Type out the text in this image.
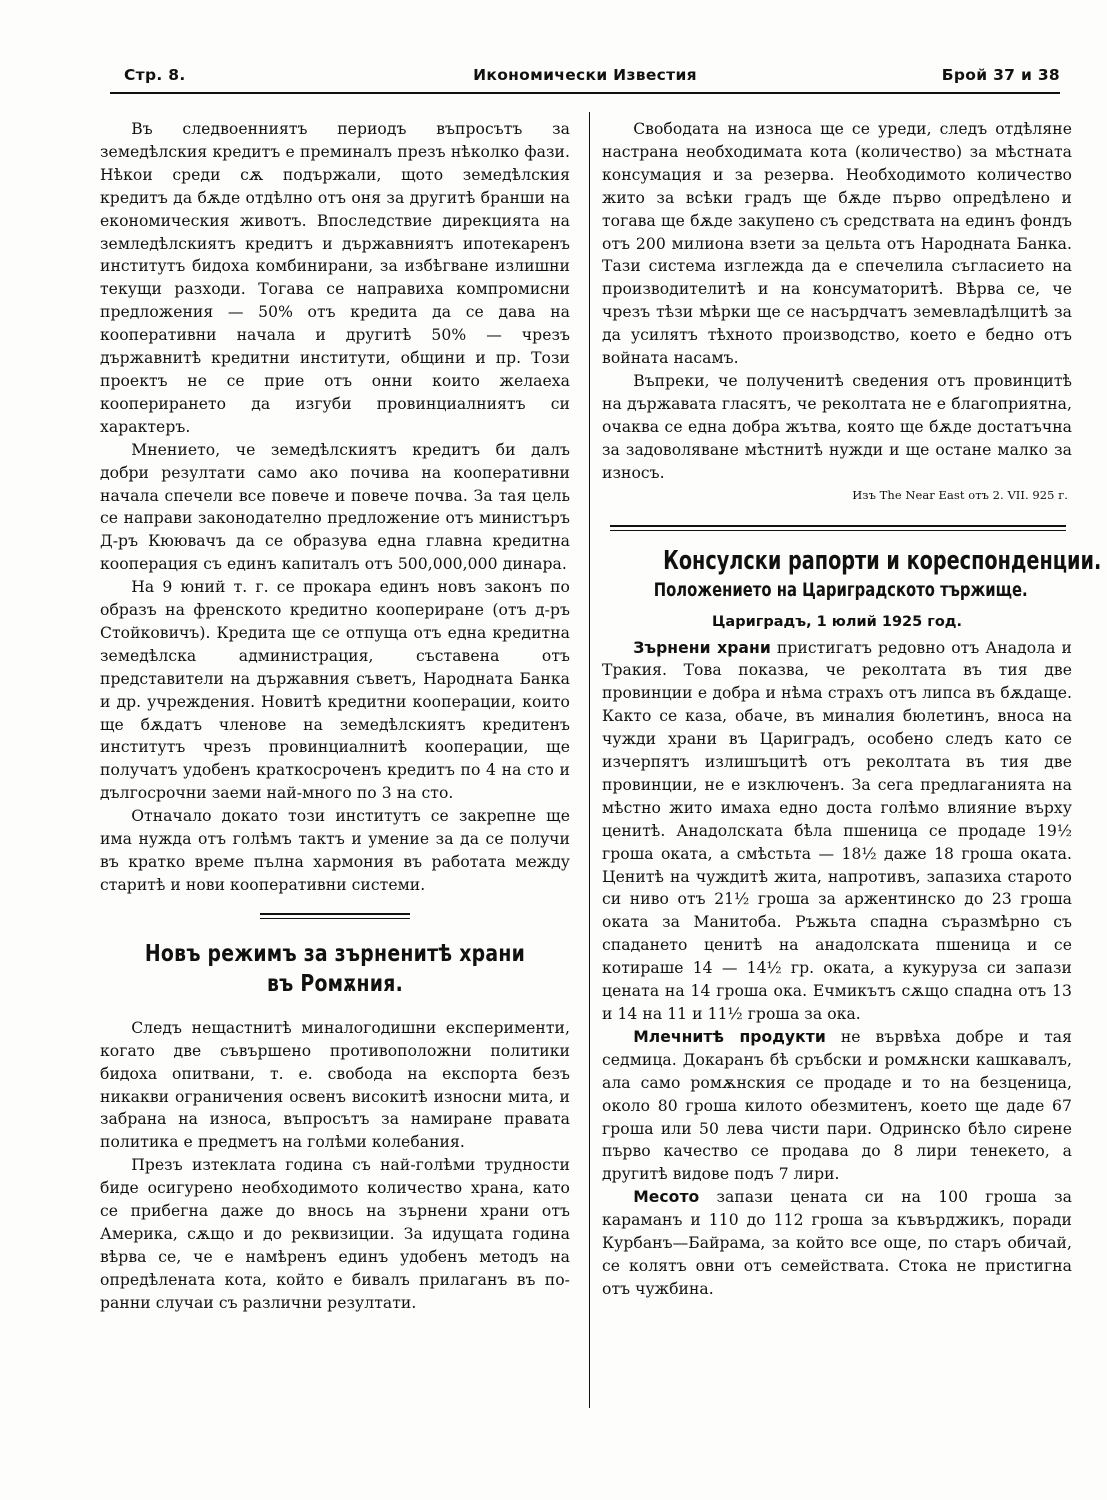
Стр. 8.	Икономически Известия	Брой 37 и 38

Въ следвоенниятъ периодъ въпросътъ за земедѣлския кредитъ е преминалъ презъ нѣколко фази. Нѣкои среди сѫ подържали, щото земедѣлския кредитъ да бѫде отдѣлно отъ оня за другитѣ бранши на економическия животъ. Впоследствие дирекцията на земледѣлскиятъ кредитъ и държавниятъ ипотекаренъ институтъ бидоха комбинирани, за избѣгване излишни текущи разходи. Тогава се направиха компромисни предложения — 50% отъ кредита да се дава на кооперативни начала и другитѣ 50% — чрезъ държавнитѣ кредитни институти, общини и пр. Този проектъ не се прие отъ онни които желаеха коопериранeто да изгуби провинциалниятъ си характеръ.

Мнението, че земедѣлскиятъ кредитъ би далъ добри резултати само ако почива на кооперативни начала спечели все повече и повече почва. За тая цель се направи законодателно предложение отъ министъръ Д-ръ Кюювачъ да се образува една главна кредитна кооперация съ единъ капиталъ отъ 500,000,000 динара.

На 9 юний т. г. се прокара единъ новъ законъ по образъ на френското кредитно коопериране (отъ д-ръ Стойковичъ). Кредита ще се отпуща отъ една кредитна земедѣлска администрация, съставена отъ представители на държавния съветъ, Народната Банка и др. учреждения. Новитѣ кредитни кооперации, които ще бѫдатъ членове на земедѣлскиятъ кредитенъ институтъ чрезъ провинциалнитѣ кооперации, ще получатъ удобенъ краткосроченъ кредитъ по 4 на сто и дългосрочни заеми най-много по 3 на сто.

Отначало докато този институтъ се закрепне ще има нужда отъ голѣмъ тактъ и умение за да се получи въ кратко време пълна хармония въ работата между старитѣ и нови кооперативни системи.

Новъ режимъ за зърненитѣ храни въ Ромѫния.

Следъ нещастнитѣ миналогодишни експерименти, когато две съвършено противоположни политики бидоха опитвани, т. е. свобода на експорта безъ никакви ограничения освенъ високитѣ износни мита, и забрана на износа, въпросътъ за намиране правата политика е предметъ на голѣми колебания.

Презъ изтеклата година съ най-голѣми трудности биде осигурено необходимото количество храна, като се прибегна даже до внось на зърнени храни отъ Америка, сѫщо и до реквизиции. За идущата година вѣрва се, че е намѣренъ единъ удобенъ методъ на опредѣлената кота, който е бивалъ прилаганъ въ по-ранни случаи съ различни резултати.

Свободата на износа ще се уреди, следъ отдѣляне настрана необходимата кота (количество) за мѣстната консумация и за резерва. Необходимото количество жито за всѣки градъ ще бѫде първо опредѣлено и тогава ще бѫде закупено съ средствата на единъ фондъ отъ 200 милиона взети за цельта отъ Народната Банка. Тази система изглежда да е спечелила съгласието на производителитѣ и на консуматоритѣ. Вѣрва се, че чрезъ тѣзи мѣрки ще се насърдчатъ земевладѣлцитѣ за да усилятъ тѣхното производство, което е бедно отъ войната насамъ.

Въпреки, че полученитѣ сведения отъ провинцитѣ на държавата гласятъ, че реколтата не е благоприятна, очаква се една добра жътва, която ще бѫде достатъчна за задоволяване мѣстнитѣ нужди и ще остане малко за износъ.

Изъ The Near East отъ 2. VII. 925 г.

Консулски рапорти и кореспонденции.
Положението на Цариградското тържище.
Цариградъ, 1 юлий 1925 год.

Зърнени храни пристигатъ редовно отъ Анадола и Тракия. Това показва, че реколтата въ тия две провинции е добра и нѣма страхъ отъ липса въ бѫдаще. Както се каза, обаче, въ миналия бюлетинъ, вноса на чужди храни въ Цариградъ, особено следъ като се изчерпятъ излишъцитѣ отъ реколтата въ тия две провинции, не е изключенъ. За сега предлаганията на мѣстно жито имаха едно доста голѣмо влияние върху ценитѣ. Анадолската бѣла пшеница се продаде 19½ гроша оката, а смѣстьта — 18½ даже 18 гроша оката. Ценитѣ на чуждитѣ жита, напротивъ, запазиха старото си ниво отъ 21½ гроша за аржентинско до 23 гроша оката за Манитоба. Ръжьта спадна съразмѣрно съ спадането ценитѣ на анадолската пшеница и се котираше 14 — 14½ гр. оката, а кукуруза си запази цената на 14 гроша ока. Ечмикътъ сѫщо спадна отъ 13 и 14 на 11 и 11½ гроша за ока.

Млечнитѣ продукти не вървѣха добре и тая седмица. Докаранъ бѣ сръбски и ромѫнски кашкавалъ, ала само ромѫнския се продаде и то на безценица, около 80 гроша килото обезмитенъ, което ще даде 67 гроша или 50 лева чисти пари. Одринско бѣло сирене първо качество се продава до 8 лири тенекето, а другитѣ видове подъ 7 лири.

Месото запази цената си на 100 гроша за караманъ и 110 до 112 гроша за къвърджикъ, поради Курбанъ—Байрама, за който все още, по старъ обичай, се колятъ овни отъ семействата. Стока не пристигна отъ чужбина.
